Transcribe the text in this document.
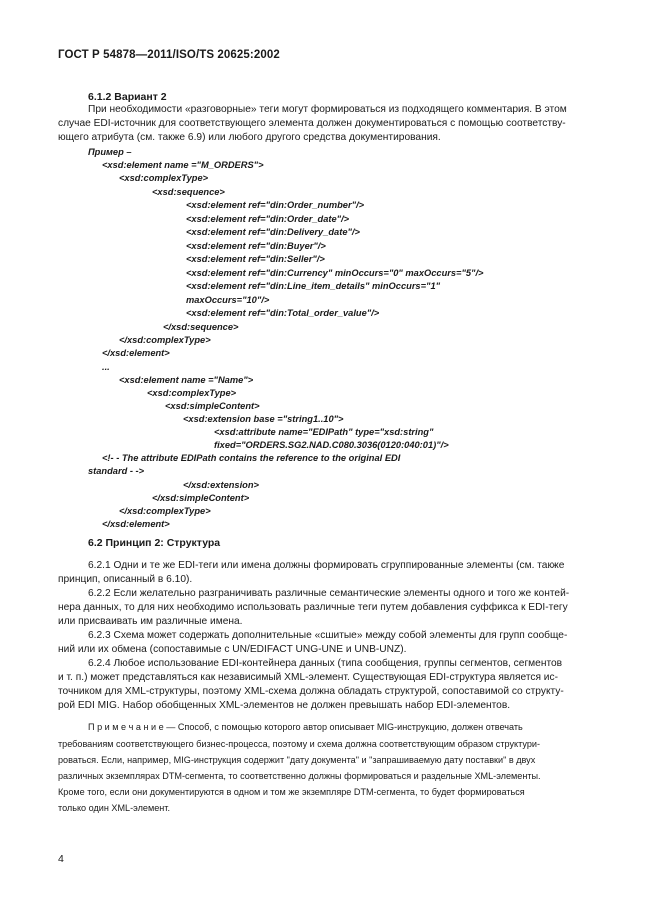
ГОСТ Р 54878—2011/ISO/TS 20625:2002
6.1.2 Вариант 2
При необходимости «разговорные» теги могут формироваться из подходящего комментария. В этом
случае EDI-источник для соответствующего элемента должен документироваться с помощью соответству-
ющего атрибута (см. также 6.9) или любого другого средства документирования.
Пример –
<xsd:element name ="M_ORDERS">
<xsd:complexType>
<xsd:sequence>
<xsd:element ref="din:Order_number"/>
<xsd:element ref="din:Order_date"/>
<xsd:element ref="din:Delivery_date"/>
<xsd:element ref="din:Buyer"/>
<xsd:element ref="din:Seller"/>
<xsd:element ref="din:Currency" minOccurs="0" maxOccurs="5"/>
<xsd:element ref="din:Line_item_details" minOccurs="1"
maxOccurs="10"/>
<xsd:element ref="din:Total_order_value"/>
</xsd:sequence>
</xsd:complexType>
</xsd:element>
...
<xsd:element name ="Name">
<xsd:complexType>
<xsd:simpleContent>
<xsd:extension base ="string1..10">
<xsd:attribute name="EDIPath" type="xsd:string"
fixed="ORDERS.SG2.NAD.C080.3036(0120:040:01)"/>
<!- - The attribute EDIPath contains the reference to the original EDI
standard - ->
</xsd:extension>
</xsd:simpleContent>
</xsd:complexType>
</xsd:element>
6.2 Принцип 2: Структура
6.2.1 Одни и те же EDI-теги или имена должны формировать сгруппированные элементы (см. также
принцип, описанный в 6.10).
6.2.2 Если желательно разграничивать различные семантические элементы одного и того же контей-
нера данных, то для них необходимо использовать различные теги путем добавления суффикса к EDI-тегу
или присваивать им различные имена.
6.2.3 Схема может содержать дополнительные «сшитые» между собой элементы для групп сообще-
ний или их обмена (сопоставимые с UN/EDIFACT UNG-UNE и UNB-UNZ).
6.2.4 Любое использование EDI-контейнера данных (типа сообщения, группы сегментов, сегментов
и т. п.) может представляться как независимый XML-элемент. Существующая EDI-структура является ис-
точником для XML-структуры, поэтому XML-схема должна обладать структурой, сопоставимой со структу-
рой EDI MIG. Набор обобщенных XML-элементов не должен превышать набор EDI-элементов.
П р и м е ч а н и е — Способ, с помощью которого автор описывает MIG-инструкцию, должен отвечать
требованиям соответствующего бизнес-процесса, поэтому и схема должна соответствующим образом структури-
роваться. Если, например, MIG-инструкция содержит "дату документа" и "запрашиваемую дату поставки" в двух
различных экземплярах DTM-сегмента, то соответственно должны формироваться и раздельные XML-элементы.
Кроме того, если они документируются в одном и том же экземпляре DTM-сегмента, то будет формироваться
только один XML-элемент.
4
